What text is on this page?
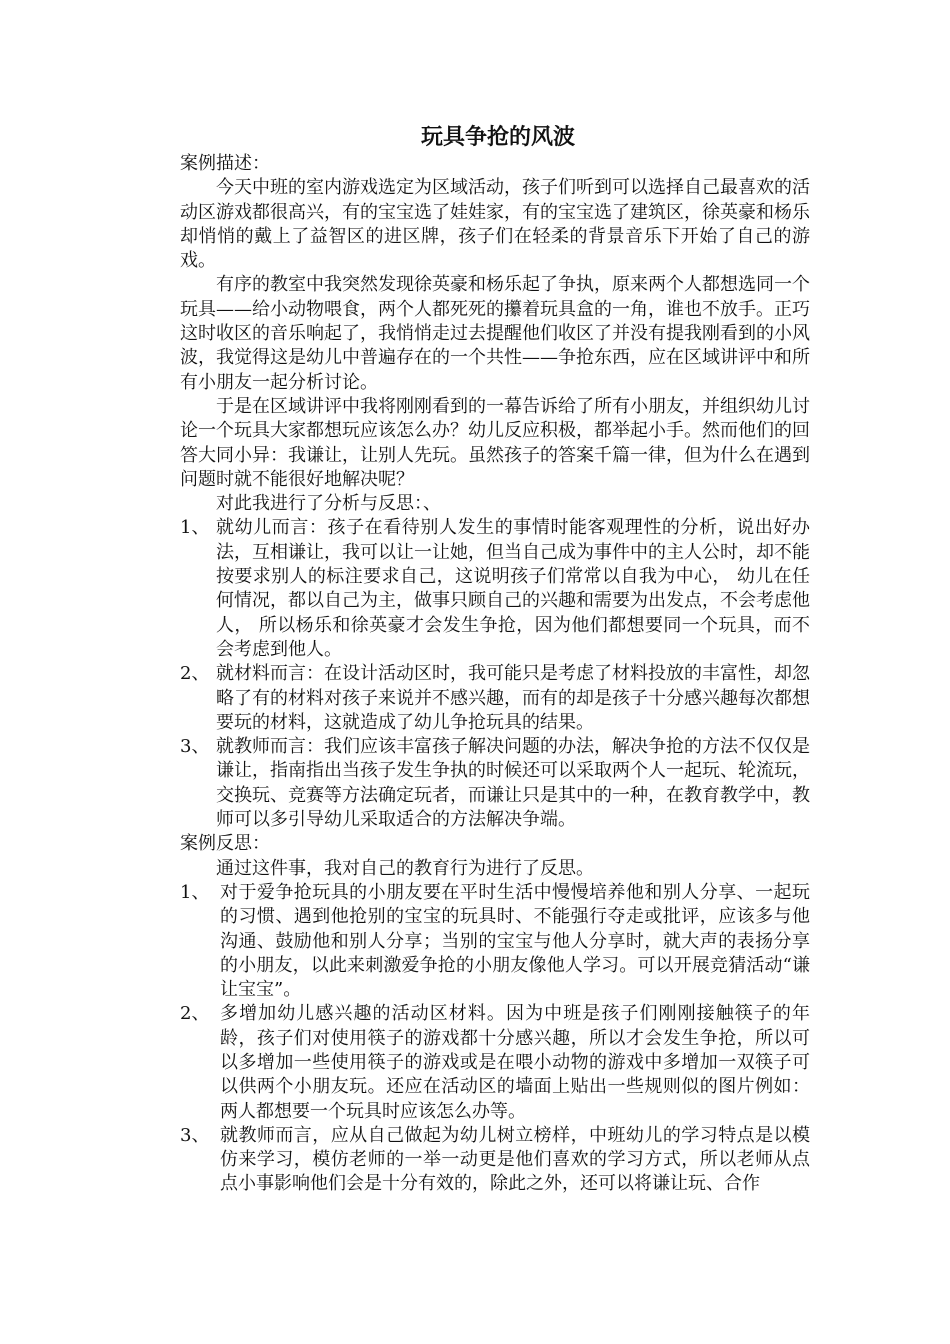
玩具争抢的风波

案例描述：

今天中班的室内游戏选定为区域活动，孩子们听到可以选择自己最喜欢的活动区游戏都很高兴，有的宝宝选了娃娃家，有的宝宝选了建筑区，徐英豪和杨乐却悄悄的戴上了益智区的进区牌，孩子们在轻柔的背景音乐下开始了自己的游戏。

有序的教室中我突然发现徐英豪和杨乐起了争执，原来两个人都想选同一个玩具——给小动物喂食，两个人都死死的攥着玩具盒的一角，谁也不放手。正巧这时收区的音乐响起了，我悄悄走过去提醒他们收区了并没有提我刚看到的小风波，我觉得这是幼儿中普遍存在的一个共性——争抢东西，应在区域讲评中和所有小朋友一起分析讨论。

于是在区域讲评中我将刚刚看到的一幕告诉给了所有小朋友，并组织幼儿讨论一个玩具大家都想玩应该怎么办？幼儿反应积极，都举起小手。然而他们的回答大同小异：我谦让，让别人先玩。虽然孩子的答案千篇一律，但为什么在遇到问题时就不能很好地解决呢？

对此我进行了分析与反思：、

1、 就幼儿而言：孩子在看待别人发生的事情时能客观理性的分析，说出好办法，互相谦让，我可以让一让她，但当自己成为事件中的主人公时，却不能按要求别人的标注要求自己，这说明孩子们常常以自我为中心， 幼儿在任何情况，都以自己为主，做事只顾自己的兴趣和需要为出发点，不会考虑他人， 所以杨乐和徐英豪才会发生争抢，因为他们都想要同一个玩具，而不会考虑到他人。
2、 就材料而言：在设计活动区时，我可能只是考虑了材料投放的丰富性，却忽略了有的材料对孩子来说并不感兴趣，而有的却是孩子十分感兴趣每次都想要玩的材料，这就造成了幼儿争抢玩具的结果。
3、 就教师而言：我们应该丰富孩子解决问题的办法，解决争抢的方法不仅仅是谦让，指南指出当孩子发生争执的时候还可以采取两个人一起玩、轮流玩，交换玩、竞赛等方法确定玩者，而谦让只是其中的一种，在教育教学中，教师可以多引导幼儿采取适合的方法解决争端。

案例反思：

通过这件事，我对自己的教育行为进行了反思。

1、 对于爱争抢玩具的小朋友要在平时生活中慢慢培养他和别人分享、一起玩的习惯、遇到他抢别的宝宝的玩具时、不能强行夺走或批评，应该多与他沟通、鼓励他和别人分享；当别的宝宝与他人分享时，就大声的表扬分享的小朋友，以此来刺激爱争抢的小朋友像他人学习。可以开展竞猜活动“谦让宝宝”。
2、 多增加幼儿感兴趣的活动区材料。因为中班是孩子们刚刚接触筷子的年龄，孩子们对使用筷子的游戏都十分感兴趣，所以才会发生争抢，所以可以多增加一些使用筷子的游戏或是在喂小动物的游戏中多增加一双筷子可以供两个小朋友玩。还应在活动区的墙面上贴出一些规则似的图片例如：两人都想要一个玩具时应该怎么办等。
3、 就教师而言，应从自己做起为幼儿树立榜样，中班幼儿的学习特点是以模仿来学习，模仿老师的一举一动更是他们喜欢的学习方式，所以老师从点点小事影响他们会是十分有效的，除此之外，还可以将谦让玩、合作
